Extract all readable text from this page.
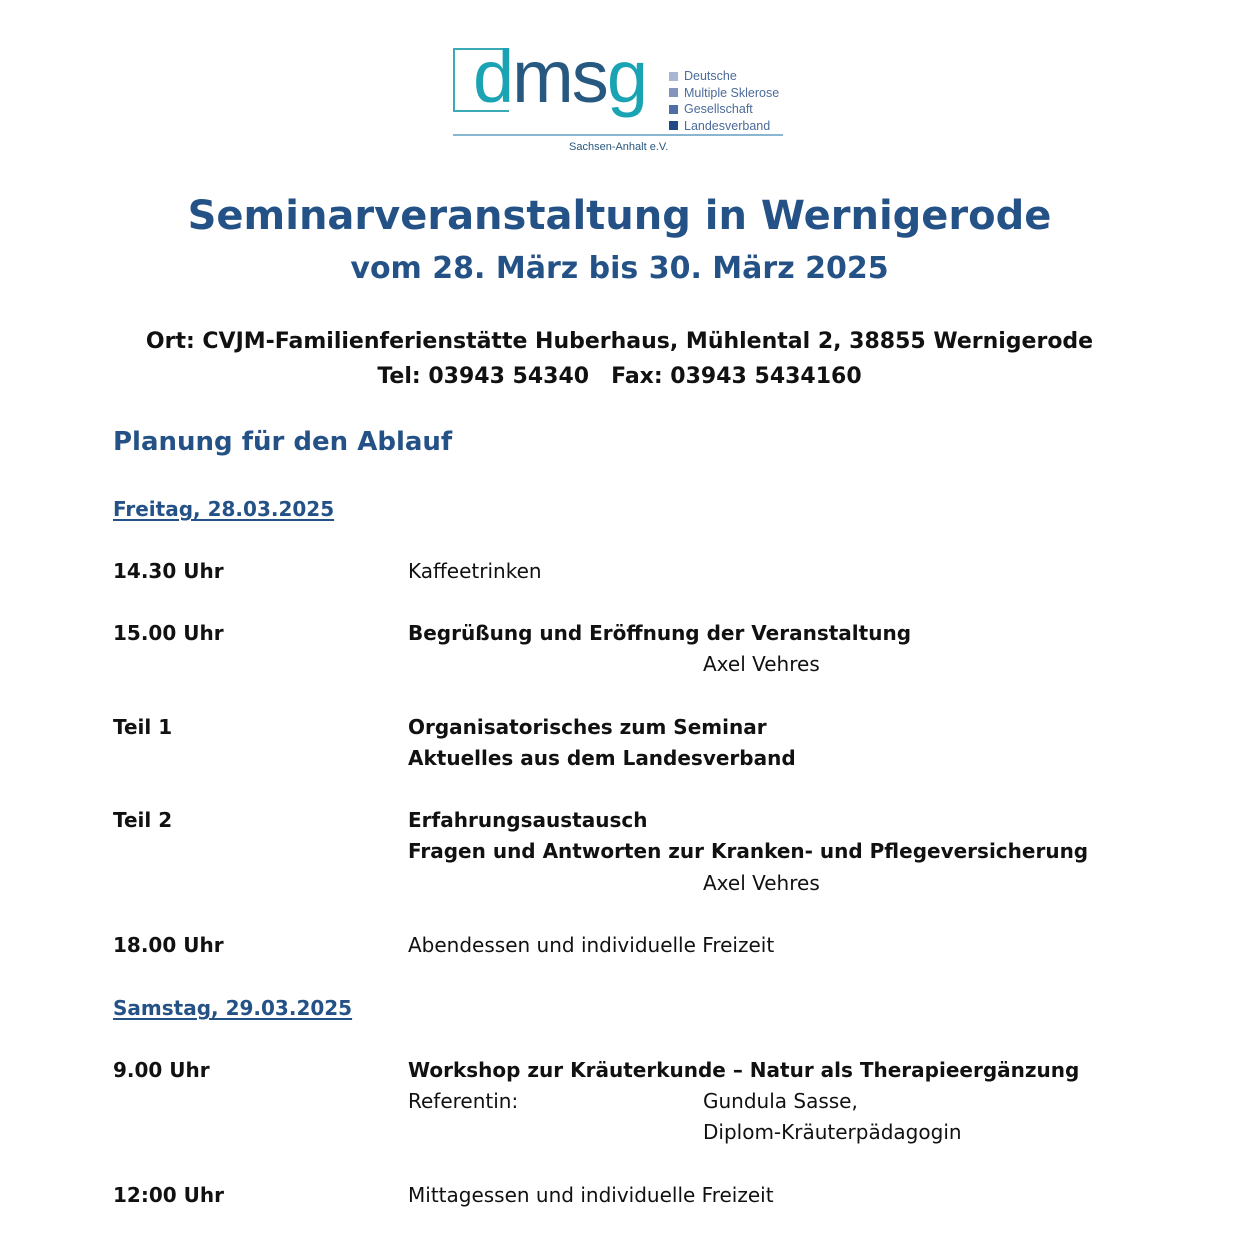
dmsg	Deutsche
Multiple Sklerose
Gesellschaft
Landesverband
Sachsen-Anhalt e.V.
Seminarveranstaltung in Wernigerode
vom 28. März bis 30. März 2025
Ort: CVJM-Familienferienstätte Huberhaus, Mühlental 2, 38855 Wernigerode
Tel: 03943 54340 Fax: 03943 5434160
Planung für den Ablauf
Freitag, 28.03.2025
14.30 Uhr	Kaffeetrinken
15.00 Uhr	Begrüßung und Eröffnung der Veranstaltung
Axel Vehres
Teil 1	Organisatorisches zum Seminar
Aktuelles aus dem Landesverband
Teil 2	Erfahrungsaustausch
Fragen und Antworten zur Kranken- und Pflegeversicherung
Axel Vehres
18.00 Uhr	Abendessen und individuelle Freizeit
Samstag, 29.03.2025
9.00 Uhr	Workshop zur Kräuterkunde – Natur als Therapieergänzung
Referentin:	Gundula Sasse,
Diplom-Kräuterpädagogin
12:00 Uhr	Mittagessen und individuelle Freizeit
